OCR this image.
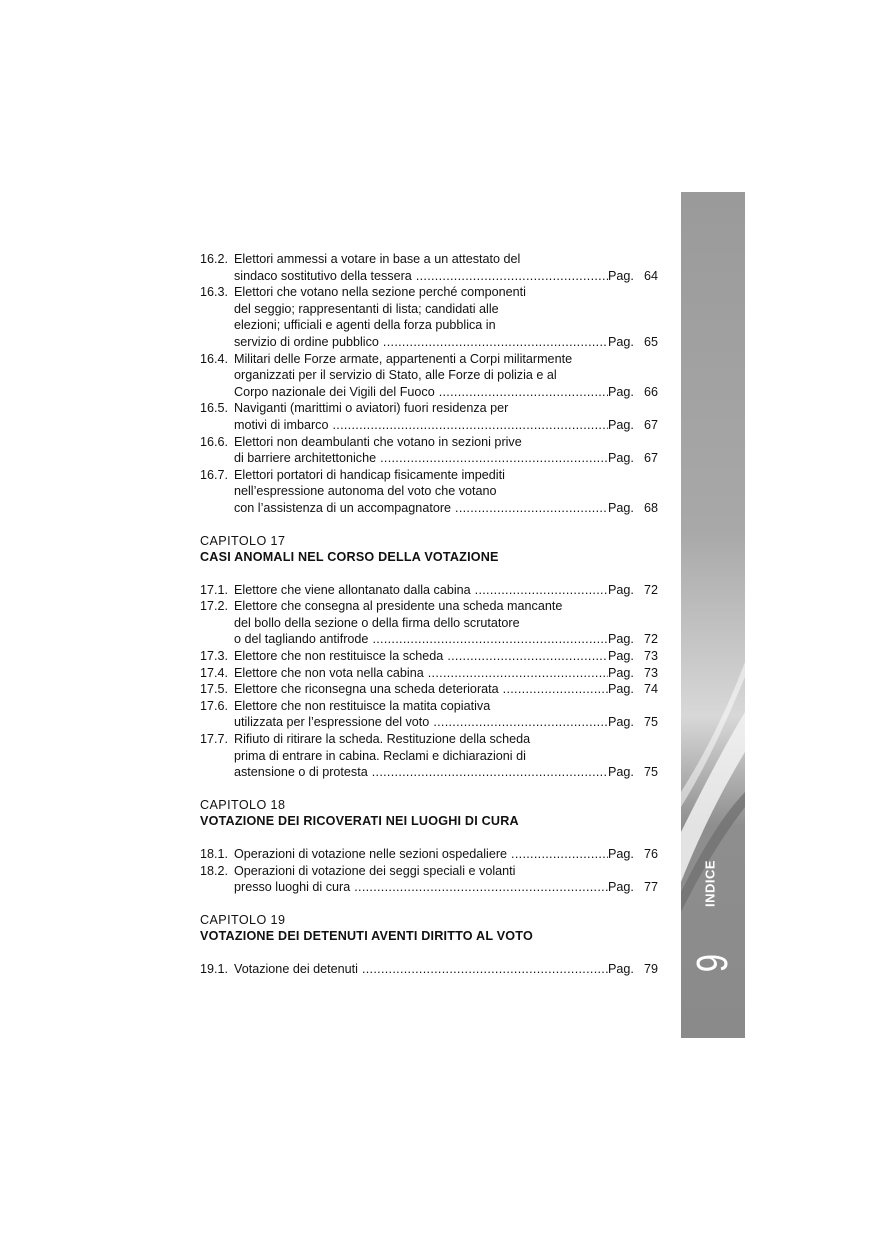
INDICE
9
16.2. Elettori ammessi a votare in base a un attestato del
sindaco sostitutivo della tessera .....	Pag. 64
16.3. Elettori che votano nella sezione perché componenti
del seggio; rappresentanti di lista; candidati alle
elezioni; ufficiali e agenti della forza pubblica in
servizio di ordine pubblico .....	Pag. 65
16.4. Militari delle Forze armate, appartenenti a Corpi militarmente
organizzati per il servizio di Stato, alle Forze di polizia e al
Corpo nazionale dei Vigili del Fuoco .....	Pag. 66
16.5. Naviganti (marittimi o aviatori) fuori residenza per
motivi di imbarco .....	Pag. 67
16.6. Elettori non deambulanti che votano in sezioni prive
di barriere architettoniche .....	Pag. 67
16.7. Elettori portatori di handicap fisicamente impediti
nell’espressione autonoma del voto che votano
con l’assistenza di un accompagnatore .....	Pag. 68
CAPITOLO 17
CASI ANOMALI NEL CORSO DELLA VOTAZIONE
17.1. Elettore che viene allontanato dalla cabina .....	Pag. 72
17.2. Elettore che consegna al presidente una scheda mancante
del bollo della sezione o della firma dello scrutatore
o del tagliando antifrode .....	Pag. 72
17.3. Elettore che non restituisce la scheda .....	Pag. 73
17.4. Elettore che non vota nella cabina .....	Pag. 73
17.5. Elettore che riconsegna una scheda deteriorata .....	Pag. 74
17.6. Elettore che non restituisce la matita copiativa
utilizzata per l’espressione del voto .....	Pag. 75
17.7. Rifiuto di ritirare la scheda. Restituzione della scheda
prima di entrare in cabina. Reclami e dichiarazioni di
astensione o di protesta .....	Pag. 75
CAPITOLO 18
VOTAZIONE DEI RICOVERATI NEI LUOGHI DI CURA
18.1. Operazioni di votazione nelle sezioni ospedaliere .....	Pag. 76
18.2. Operazioni di votazione dei seggi speciali e volanti
presso luoghi di cura .....	Pag. 77
CAPITOLO 19
VOTAZIONE DEI DETENUTI AVENTI DIRITTO AL VOTO
19.1. Votazione dei detenuti .....	Pag. 79
